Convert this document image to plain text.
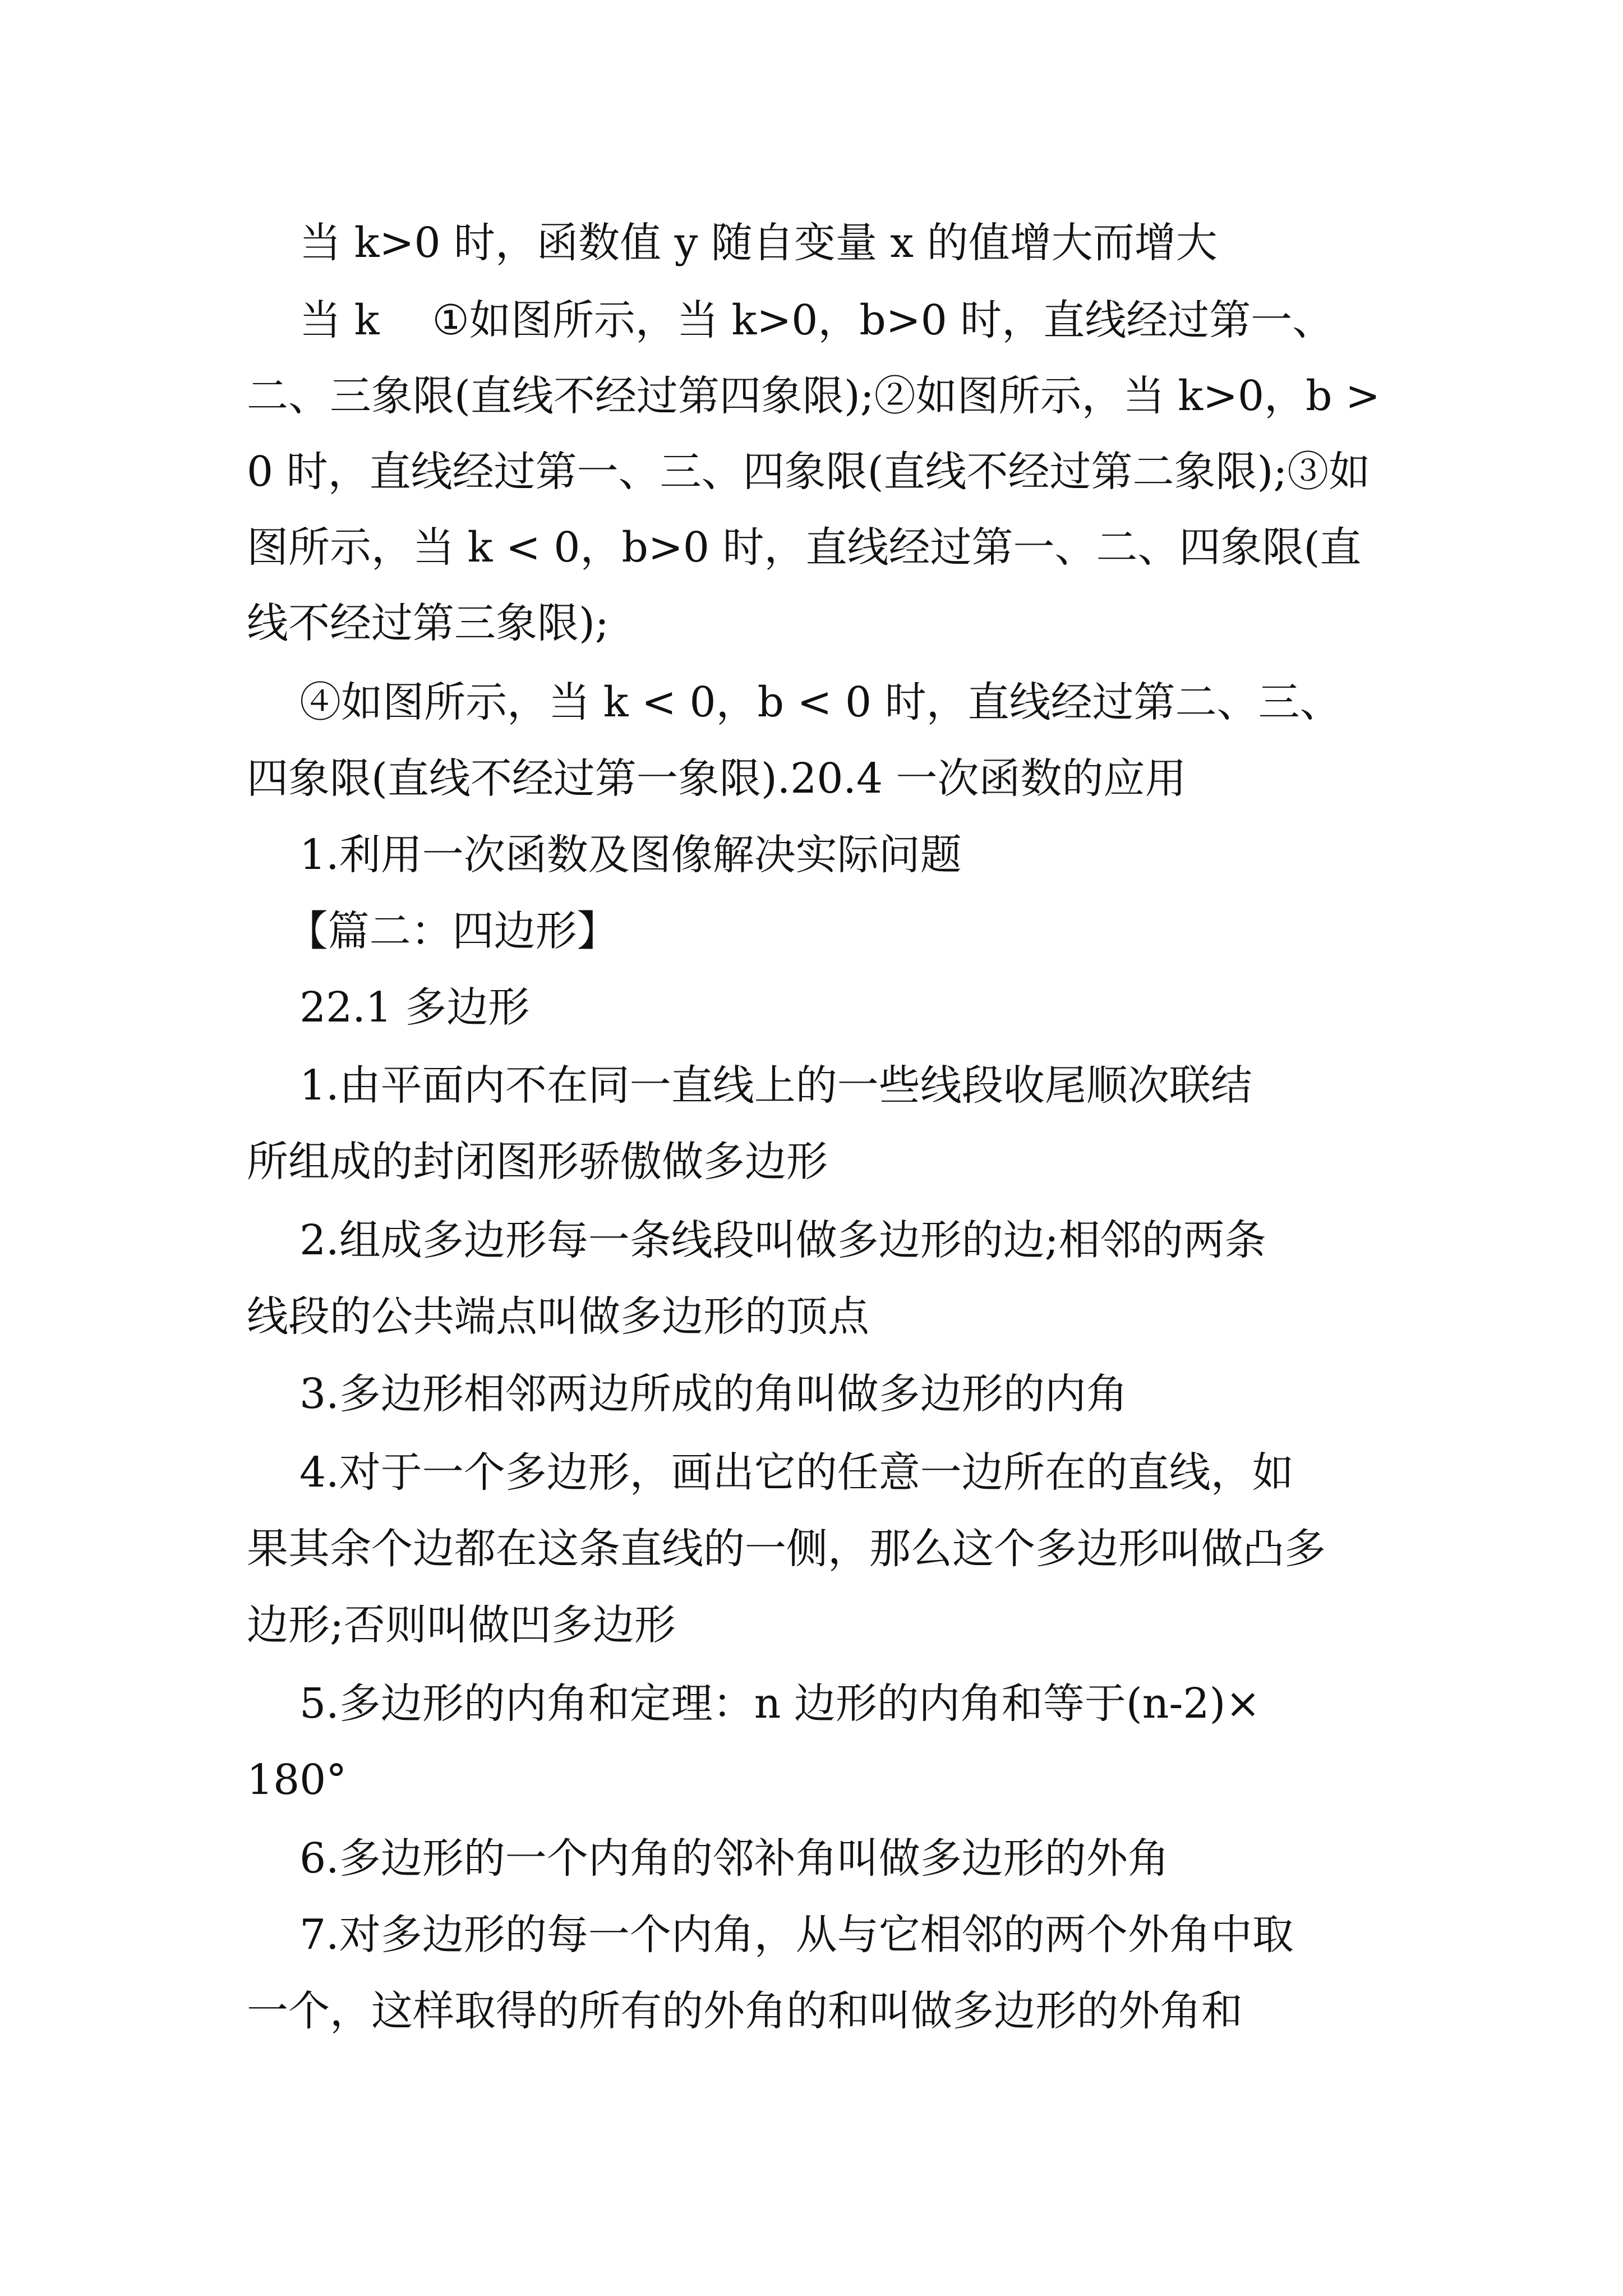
当 k>0 时，函数值 y 随自变量 x 的值增大而增大
当 k    ①如图所示，当 k>0，b>0 时，直线经过第一、
二、三象限(直线不经过第四象限);②如图所示，当 k>0，b >
0 时，直线经过第一、三、四象限(直线不经过第二象限);③如
图所示，当 k < 0，b>0 时，直线经过第一、二、四象限(直
线不经过第三象限);
④如图所示，当 k < 0，b < 0 时，直线经过第二、三、
四象限(直线不经过第一象限).20.4 一次函数的应用
1.利用一次函数及图像解决实际问题
【篇二：四边形】
22.1 多边形
1.由平面内不在同一直线上的一些线段收尾顺次联结
所组成的封闭图形骄傲做多边形
2.组成多边形每一条线段叫做多边形的边;相邻的两条
线段的公共端点叫做多边形的顶点
3.多边形相邻两边所成的角叫做多边形的内角
4.对于一个多边形，画出它的任意一边所在的直线，如
果其余个边都在这条直线的一侧，那么这个多边形叫做凸多
边形;否则叫做凹多边形
5.多边形的内角和定理：n 边形的内角和等于(n-2)×
180°
6.多边形的一个内角的邻补角叫做多边形的外角
7.对多边形的每一个内角，从与它相邻的两个外角中取
一个，这样取得的所有的外角的和叫做多边形的外角和
